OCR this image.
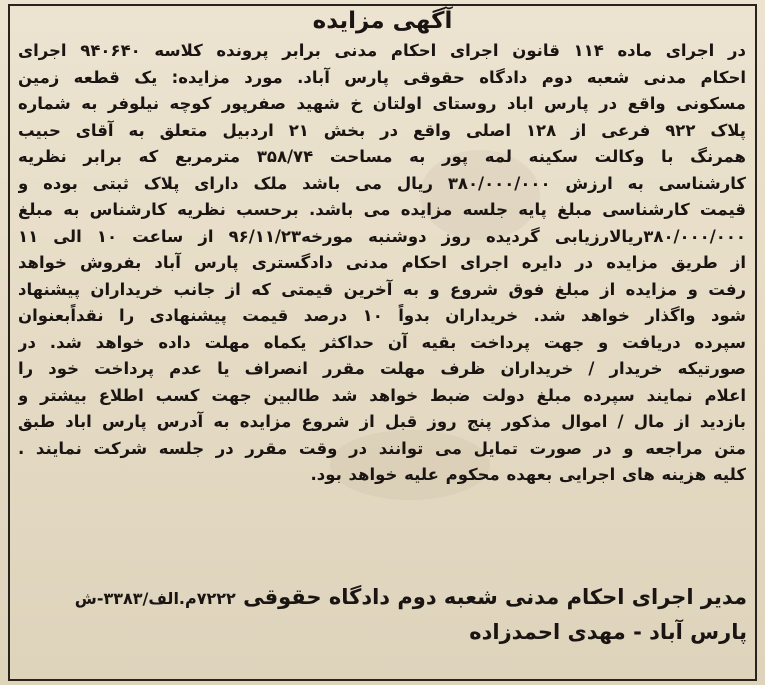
آگهی مزایده
در اجرای ماده ۱۱۴ قانون اجرای احکام مدنی برابر پرونده کلاسه ۹۴۰۶۴۰ اجرای
احکام مدنی شعبه دوم دادگاه حقوقی پارس آباد. مورد مزایده: یک قطعه زمین
مسکونی واقع در پارس اباد روستای اولتان خ شهید صفرپور کوچه نیلوفر به شماره
پلاک ۹۲۲ فرعی از ۱۲۸ اصلی واقع در بخش ۲۱ اردبیل متعلق به آقای حبیب
همرنگ با وکالت سکینه لمه پور به مساحت ۳۵۸/۷۴ مترمربع که برابر نظریه
کارشناسی به ارزش ۳۸۰/۰۰۰/۰۰۰ ریال می باشد ملک دارای پلاک ثبتی بوده و
قیمت کارشناسی مبلغ پایه جلسه مزایده می باشد. برحسب نظریه کارشناس به مبلغ
۳۸۰/۰۰۰/۰۰۰ریالارزیابی گردیده روز دوشنبه مورخه۹۶/۱۱/۲۳ از ساعت ۱۰ الی ۱۱
از طریق مزایده در دایره اجرای احکام مدنی دادگستری پارس آباد بفروش خواهد
رفت و مزایده از مبلغ فوق شروع و به آخرین قیمتی که از جانب خریداران پیشنهاد
شود واگذار خواهد شد. خریداران بدواً ۱۰ درصد قیمت پیشنهادی را نقداًبعنوان
سپرده دریافت و جهت پرداخت بقیه آن حداکثر یکماه مهلت داده خواهد شد. در
صورتیکه خریدار / خریداران ظرف مهلت مقرر انصراف یا عدم پرداخت خود را
اعلام نمایند سپرده مبلغ دولت ضبط خواهد شد طالبین جهت کسب اطلاع بیشتر و
بازدید از مال / اموال مذکور پنج روز قبل از شروع مزایده به آدرس پارس اباد طبق
متن مراجعه و در صورت تمایل می توانند در وقت مقرر در جلسه شرکت نمایند .
کلیه هزینه های اجرایی بعهده محکوم علیه خواهد بود.
مدیر اجرای احکام مدنی شعبه دوم دادگاه حقوقی ۷۲۲۲م.الف/۳۳۸۳-ش
پارس آباد - مهدی احمدزاده
